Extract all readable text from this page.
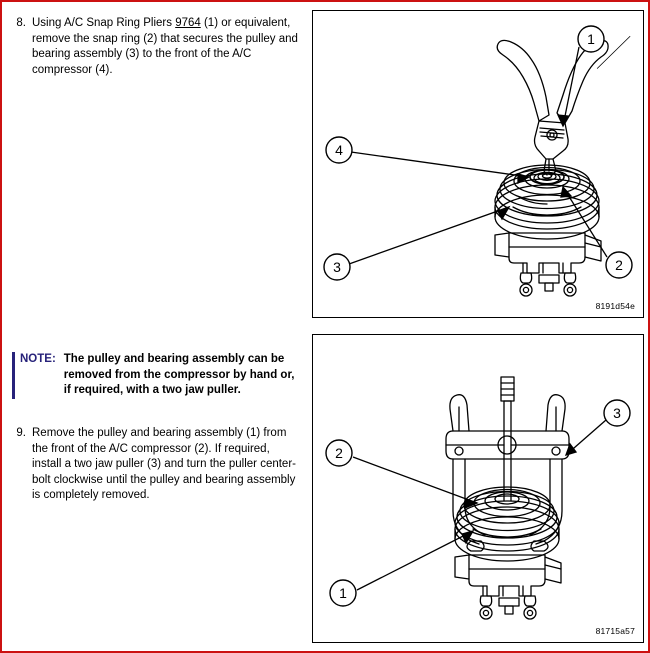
8. Using A/C Snap Ring Pliers 9764 (1) or equivalent, remove the snap ring (2) that secures the pulley and bearing assembly (3) to the front of the A/C compressor (4).
NOTE: The pulley and bearing assembly can be removed from the compressor by hand or, if required, with a two jaw puller.
9. Remove the pulley and bearing assembly (1) from the front of the A/C compressor (2). If required, install a two jaw puller (3) and turn the puller center-bolt clockwise until the pulley and bearing assembly is completely removed.
1
2
3
4
8191d54e
3
2
1
81715a57
